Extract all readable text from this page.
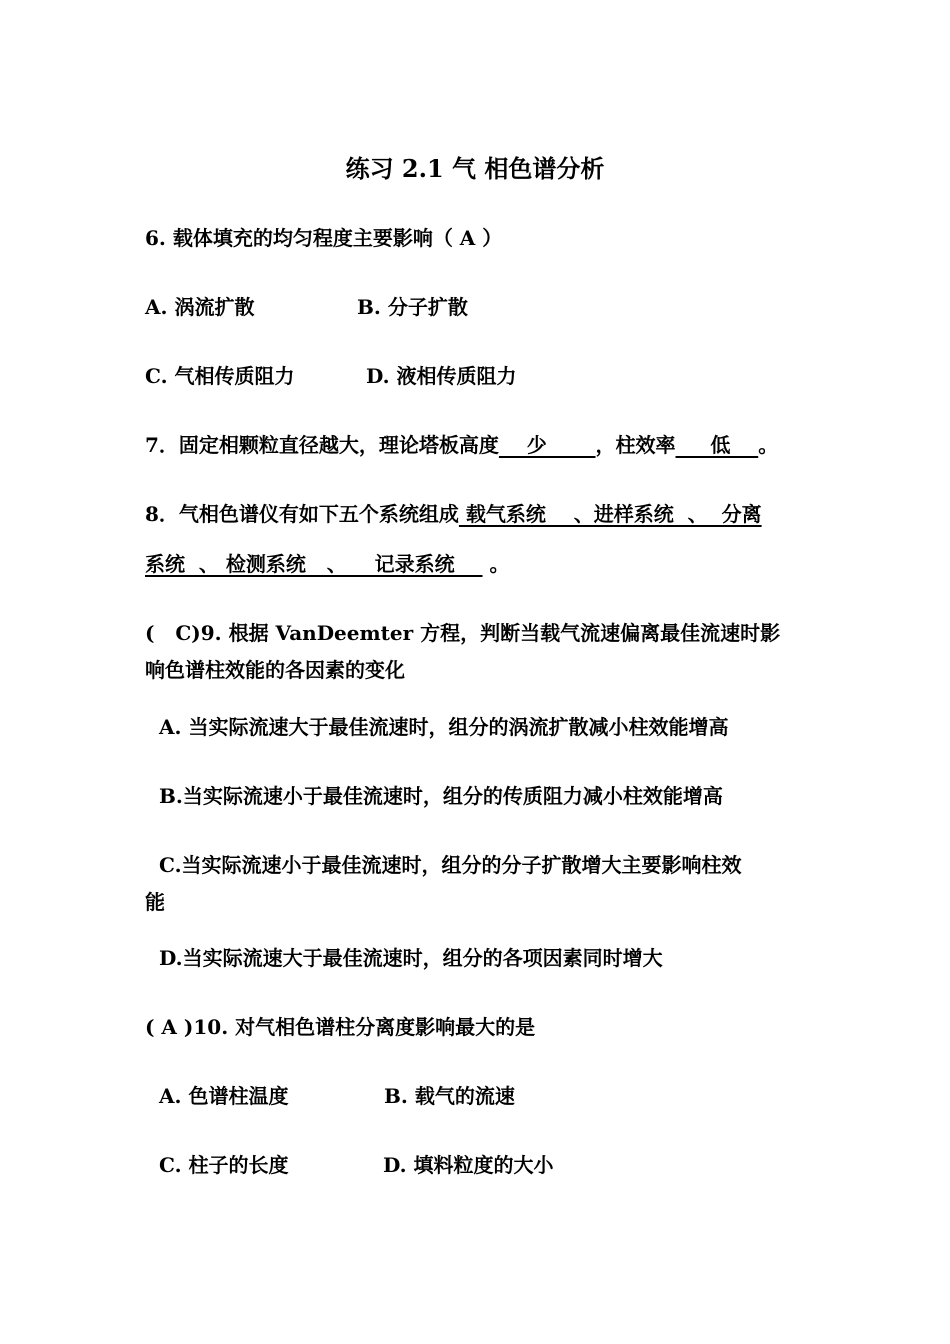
练习 2.1 气 相色谱分析
6. 载体填充的均匀程度主要影响（ A ）
A. 涡流扩散	B. 分子扩散
C. 气相传质阻力	D. 液相传质阻力
7．固定相颗粒直径越大，理论塔板高度    少       ，柱效率     低    。
8．气相色谱仪有如下五个系统组成 载气系统    、进样系统  、  分离
系统  、 检测系统   、    记录系统     。
(   C)9. 根据 VanDeemter 方程，判断当载气流速偏离最佳流速时影
响色谱柱效能的各因素的变化
A. 当实际流速大于最佳流速时，组分的涡流扩散减小柱效能增高
B.当实际流速小于最佳流速时，组分的传质阻力减小柱效能增高
C.当实际流速小于最佳流速时，组分的分子扩散增大主要影响柱效
能
D.当实际流速大于最佳流速时，组分的各项因素同时增大
( A )10. 对气相色谱柱分离度影响最大的是
A. 色谱柱温度	B. 载气的流速
C. 柱子的长度	D. 填料粒度的大小
